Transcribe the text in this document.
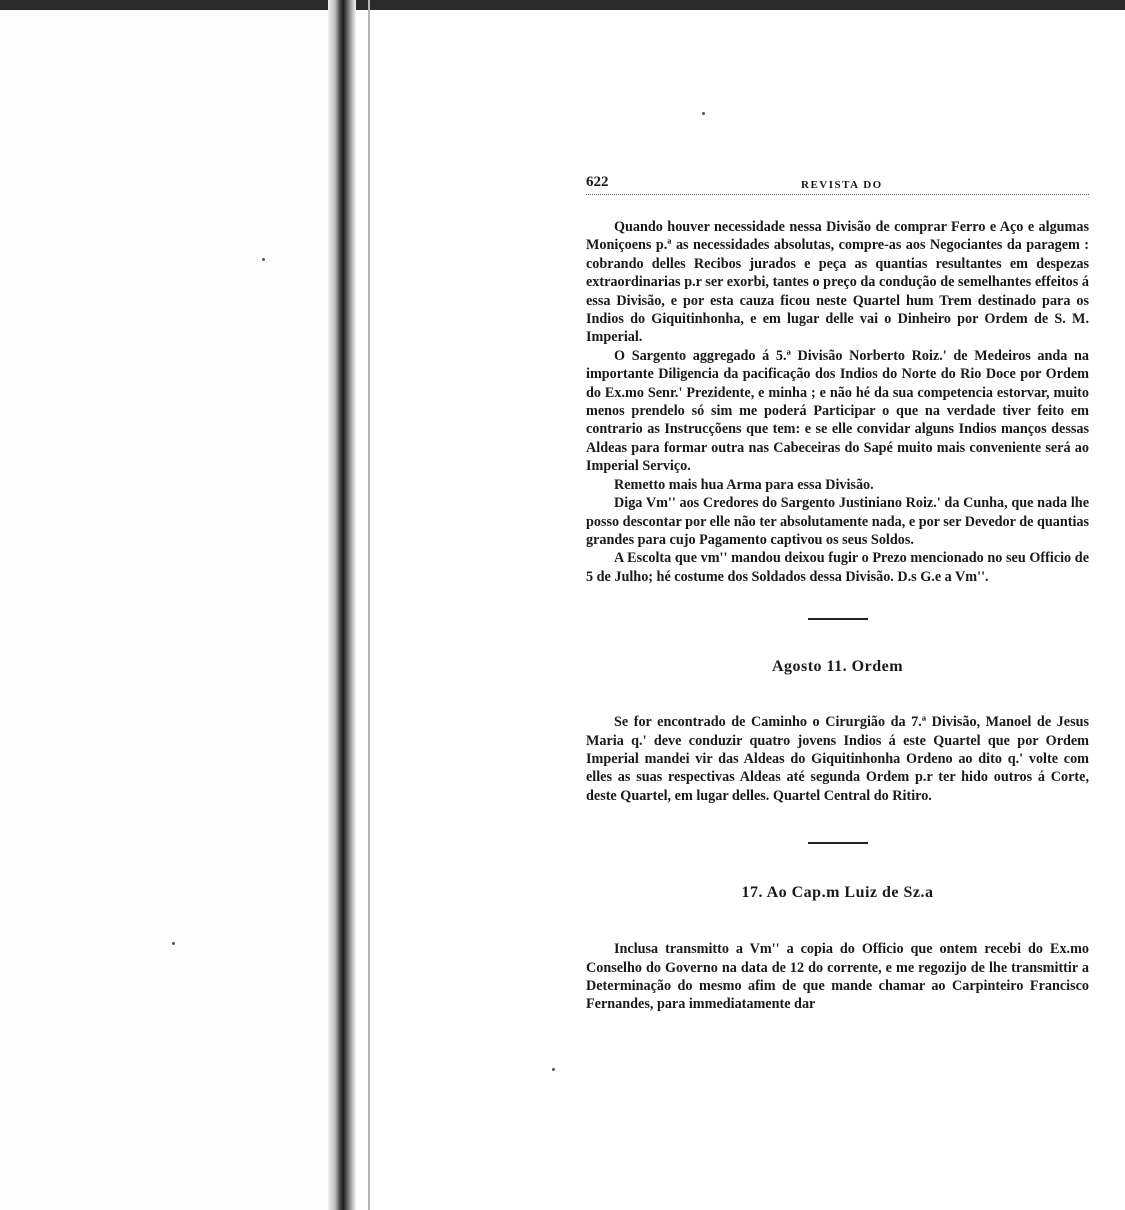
622	REVISTA DO

Quando houver necessidade nessa Divisão de comprar Ferro e Aço e algumas Moniçoens p.ª as necessidades absolutas, compre-as aos Negociantes da paragem : cobrando delles Recibos jurados e peça as quantias resultantes em despezas extraordinarias p.r ser exorbi, tantes o preço da condução de semelhantes effeitos á essa Divisão, e por esta cauza ficou neste Quartel hum Trem destinado para os Indios do Giquitinhonha, e em lugar delle vai o Dinheiro por Ordem de S. M. Imperial.

O Sargento aggregado á 5.ª Divisão Norberto Roiz.' de Medeiros anda na importante Diligencia da pacificação dos Indios do Norte do Rio Doce por Ordem do Ex.mo Senr.' Prezidente, e minha ; e não hé da sua competencia estorvar, muito menos prendelo só sim me poderá Participar o que na verdade tiver feito em contrario as Instrucçõens que tem: e se elle convidar alguns Indios manços dessas Aldeas para formar outra nas Cabeceiras do Sapé muito mais conveniente será ao Imperial Serviço.

Remetto mais hua Arma para essa Divisão.

Diga Vm'' aos Credores do Sargento Justiniano Roiz.' da Cunha, que nada lhe posso descontar por elle não ter absolutamente nada, e por ser Devedor de quantias grandes para cujo Pagamento captivou os seus Soldos.

A Escolta que vm'' mandou deixou fugir o Prezo mencionado no seu Officio de 5 de Julho; hé costume dos Soldados dessa Divisão. D.s G.e a Vm''.

Agosto 11. Ordem

Se for encontrado de Caminho o Cirurgião da 7.ª Divisão, Manoel de Jesus Maria q.' deve conduzir quatro jovens Indios á este Quartel que por Ordem Imperial mandei vir das Aldeas do Giquitinhonha Ordeno ao dito q.' volte com elles as suas respectivas Aldeas até segunda Ordem p.r ter hido outros á Corte, deste Quartel, em lugar delles. Quartel Central do Ritiro.

17. Ao Cap.m Luiz de Sz.a

Inclusa transmitto a Vm'' a copia do Officio que ontem recebi do Ex.mo Conselho do Governo na data de 12 do corrente, e me regozijo de lhe transmittir a Determinação do mesmo afim de que mande chamar ao Carpinteiro Francisco Fernandes, para immediatamente dar
